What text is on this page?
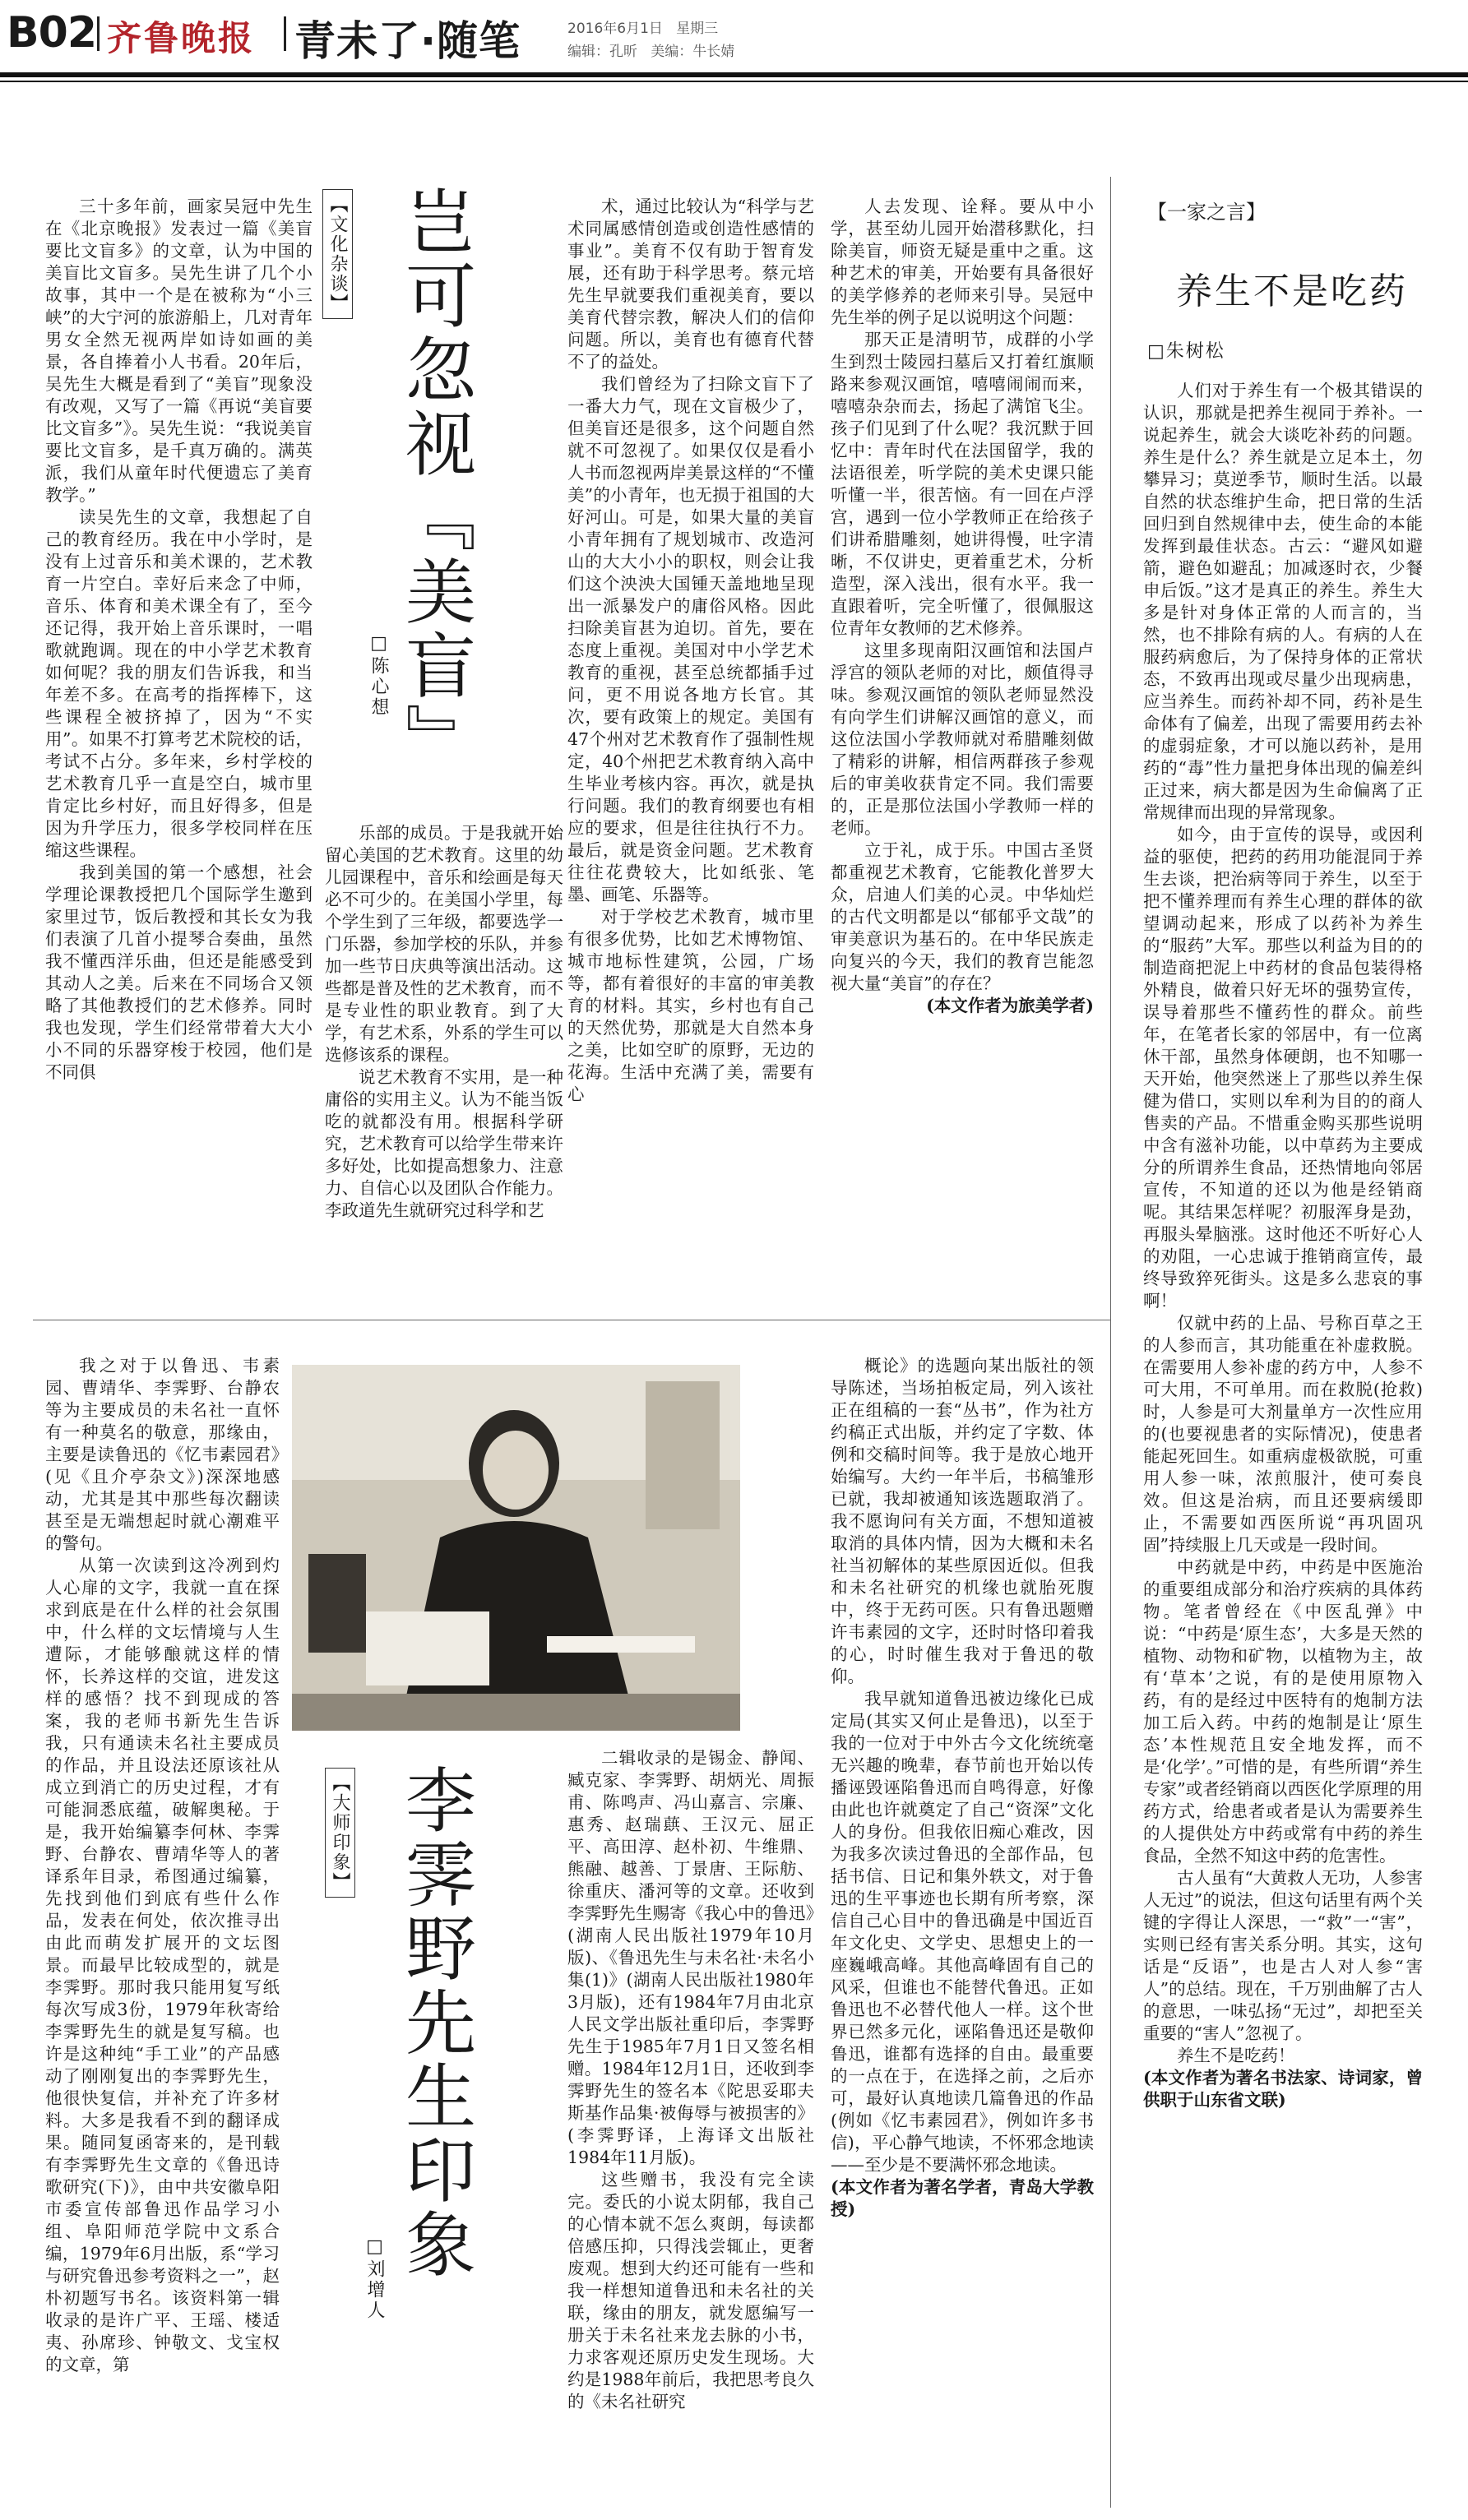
B02 齐鲁晚报 青未了·随笔	2016年6月1日 星期三
编辑：孔昕 美编：牛长婧
【文化杂谈】 岂可忽视『美盲』
□陈心想

三十多年前，画家吴冠中先生在《北京晚报》发表过一篇《美盲要比文盲多》的文章，认为中国的美盲比文盲多。吴先生讲了几个小故事，其中一个是在被称为“小三峡”的大宁河的旅游船上，几对青年男女全然无视两岸如诗如画的美景，各自捧着小人书看。20年后，吴先生大概是看到了“美盲”现象没有改观，又写了一篇《再说“美盲要比文盲多”》。吴先生说：“我说美盲要比文盲多，是千真万确的。满英派，我们从童年时代便遗忘了美育教学。”

读吴先生的文章，我想起了自己的教育经历。我在中小学时，是没有上过音乐和美术课的，艺术教育一片空白。幸好后来念了中师，音乐、体育和美术课全有了，至今还记得，我开始上音乐课时，一唱歌就跑调。现在的中小学艺术教育如何呢？我的朋友们告诉我，和当年差不多。在高考的指挥棒下，这些课程全被挤掉了，因为“不实用”。如果不打算考艺术院校的话，考试不占分。多年来，乡村学校的艺术教育几乎一直是空白，城市里肯定比乡村好，而且好得多，但是因为升学压力，很多学校同样在压缩这些课程。

我到美国的第一个感想，社会学理论课教授把几个国际学生邀到家里过节，饭后教授和其长女为我们表演了几首小提琴合奏曲，虽然我不懂西洋乐曲，但还是能感受到其动人之美。后来在不同场合又领略了其他教授们的艺术修养。同时我也发现，学生们经常带着大大小小不同的乐器穿梭于校园，他们是不同俱

乐部的成员。于是我就开始留心美国的艺术教育。这里的幼儿园课程中，音乐和绘画是每天必不可少的。在美国小学里，每个学生到了三年级，都要选学一门乐器，参加学校的乐队，并参加一些节日庆典等演出活动。这些都是普及性的艺术教育，而不是专业性的职业教育。到了大学，有艺术系，外系的学生可以选修该系的课程。

说艺术教育不实用，是一种庸俗的实用主义。认为不能当饭吃的就都没有用。根据科学研究，艺术教育可以给学生带来许多好处，比如提高想象力、注意力、自信心以及团队合作能力。李政道先生就研究过科学和艺

术，通过比较认为“科学与艺术同属感情创造或创造性感情的事业”。美育不仅有助于智育发展，还有助于科学思考。蔡元培先生早就要我们重视美育，要以美育代替宗教，解决人们的信仰问题。所以，美育也有德育代替不了的益处。

我们曾经为了扫除文盲下了一番大力气，现在文盲极少了，但美盲还是很多，这个问题自然就不可忽视了。如果仅仅是看小人书而忽视两岸美景这样的“不懂美”的小青年，也无损于祖国的大好河山。可是，如果大量的美盲小青年拥有了规划城市、改造河山的大大小小的职权，则会让我们这个泱泱大国锺天盖地地呈现出一派暴发户的庸俗风格。因此扫除美盲甚为迫切。首先，要在态度上重视。美国对中小学艺术教育的重视，甚至总统都插手过问，更不用说各地方长官。其次，要有政策上的规定。美国有47个州对艺术教育作了强制性规定，40个州把艺术教育纳入高中生毕业考核内容。再次，就是执行问题。我们的教育纲要也有相应的要求，但是往往执行不力。最后，就是资金问题。艺术教育往往花费较大，比如纸张、笔墨、画笔、乐器等。

对于学校艺术教育，城市里有很多优势，比如艺术博物馆、城市地标性建筑，公园，广场等，都有着很好的丰富的审美教育的材料。其实，乡村也有自己的天然优势，那就是大自然本身之美，比如空旷的原野，无边的花海。生活中充满了美，需要有心

人去发现、诠释。要从中小学，甚至幼儿园开始潜移默化，扫除美盲，师资无疑是重中之重。这种艺术的审美，开始要有具备很好的美学修养的老师来引导。吴冠中先生举的例子足以说明这个问题：

那天正是清明节，成群的小学生到烈士陵园扫墓后又打着红旗顺路来参观汉画馆，嘻嘻闹闹而来，嘻嘻杂杂而去，扬起了满馆飞尘。孩子们见到了什么呢？我沉默于回忆中：青年时代在法国留学，我的法语很差，听学院的美术史课只能听懂一半，很苦恼。有一回在卢浮宫，遇到一位小学教师正在给孩子们讲希腊雕刻，她讲得慢，吐字清晰，不仅讲史，更着重艺术，分析造型，深入浅出，很有水平。我一直跟着听，完全听懂了，很佩服这位青年女教师的艺术修养。

这里多现南阳汉画馆和法国卢浮宫的领队老师的对比，颇值得寻味。参观汉画馆的领队老师显然没有向学生们讲解汉画馆的意义，而这位法国小学教师就对希腊雕刻做了精彩的讲解，相信两群孩子参观后的审美收获肯定不同。我们需要的，正是那位法国小学教师一样的老师。

立于礼，成于乐。中国古圣贤都重视艺术教育，它能教化普罗大众，启迪人们美的心灵。中华灿烂的古代文明都是以“郁郁乎文哉”的审美意识为基石的。在中华民族走向复兴的今天，我们的教育岂能忽视大量“美盲”的存在？

(本文作者为旅美学者)

【一家之言】
养生不是吃药
□朱树松

人们对于养生有一个极其错误的认识，那就是把养生视同于养补。一说起养生，就会大谈吃补药的问题。养生是什么？养生就是立足本土，勿攀异习；莫逆季节，顺时生活。以最自然的状态维护生命，把日常的生活回归到自然规律中去，使生命的本能发挥到最佳状态。古云：“避风如避箭，避色如避乱；加减逐时衣，少餐申后饭。”这才是真正的养生。养生大多是针对身体正常的人而言的，当然，也不排除有病的人。有病的人在服药病愈后，为了保持身体的正常状态，不致再出现或尽量少出现病患，应当养生。而药补却不同，药补是生命体有了偏差，出现了需要用药去补的虚弱症象，才可以施以药补，是用药的“毒”性力量把身体出现的偏差纠正过来，病大都是因为生命偏离了正常规律而出现的异常现象。

如今，由于宣传的误导，或因利益的驱使，把药的药用功能混同于养生去谈，把治病等同于养生，以至于把不懂养理而有养生心理的群体的欲望调动起来，形成了以药补为养生的“服药”大军。那些以利益为目的的制造商把泥上中药材的食品包装得格外精良，做着只好无坏的强势宣传，误导着那些不懂药性的群众。前些年，在笔者长家的邻居中，有一位离休干部，虽然身体硬朗，也不知哪一天开始，他突然迷上了那些以养生保健为借口，实则以牟利为目的的商人售卖的产品。不惜重金购买那些说明中含有滋补功能，以中草药为主要成分的所谓养生食品，还热情地向邻居宣传，不知道的还以为他是经销商呢。其结果怎样呢？初服浑身是劲，再服头晕脑涨。这时他还不听好心人的劝阻，一心忠诚于推销商宣传，最终导致猝死街头。这是多么悲哀的事啊！

仅就中药的上品、号称百草之王的人参而言，其功能重在补虚救脱。在需要用人参补虚的药方中，人参不可大用，不可单用。而在救脱(抢救)时，人参是可大剂量单方一次性应用的(也要视患者的实际情况)，使患者能起死回生。如重病虚极欲脱，可重用人参一味，浓煎服汁，使可奏良效。但这是治病，而且还要病缓即止，不需要如西医所说“再巩固巩固”持续服上几天或是一段时间。

中药就是中药，中药是中医施治的重要组成部分和治疗疾病的具体药物。笔者曾经在《中医乱弹》中说：“中药是‘原生态’，大多是天然的植物、动物和矿物，以植物为主，故有‘草本’之说，有的是使用原物入药，有的是经过中医特有的炮制方法加工后入药。中药的炮制是让‘原生态’本性规范且安全地发挥，而不是‘化学’。”可惜的是，有些所谓“养生专家”或者经销商以西医化学原理的用药方式，给患者或者是认为需要养生的人提供处方中药或常有中药的养生食品，全然不知这中药的危害性。

古人虽有“大黄救人无功，人参害人无过”的说法，但这句话里有两个关键的字得让人深思，一“救”一“害”，实则已经有害关系分明。其实，这句话是“反语”，也是古人对人参“害人”的总结。现在，千万别曲解了古人的意思，一味弘扬“无过”，却把至关重要的“害人”忽视了。

养生不是吃药！

(本文作者为著名书法家、诗词家，曾供职于山东省文联)

【大师印象】 李霁野先生印象
□刘增人

我之对于以鲁迅、韦素园、曹靖华、李霁野、台静农等为主要成员的未名社一直怀有一种莫名的敬意，那缘由，主要是读鲁迅的《忆韦素园君》(见《且介亭杂文》)深深地感动，尤其是其中那些每次翻读甚至是无端想起时就心潮难平的警句。

从第一次读到这冷冽到灼人心扉的文字，我就一直在探求到底是在什么样的社会氛围中，什么样的文坛情境与人生遭际，才能够酿就这样的情怀，长养这样的交谊，进发这样的感悟？找不到现成的答案，我的老师书新先生告诉我，只有通读未名社主要成员的作品，并且设法还原该社从成立到消亡的历史过程，才有可能洞悉底蕴，破解奥秘。于是，我开始编纂李何林、李霁野、台静农、曹靖华等人的著译系年目录，希图通过编纂，先找到他们到底有些什么作品，发表在何处，依次推寻出由此而萌发扩展开的文坛图景。而最早比较成型的，就是李霁野。那时我只能用复写纸每次写成3份，1979年秋寄给李霁野先生的就是复写稿。也许是这种纯“手工业”的产品感动了刚刚复出的李霁野先生，他很快复信，并补充了许多材料。大多是我看不到的翻译成果。随同复函寄来的，是刊载有李霁野先生文章的《鲁迅诗歌研究(下)》，由中共安徽阜阳市委宣传部鲁迅作品学习小组、阜阳师范学院中文系合编，1979年6月出版，系“学习与研究鲁迅参考资料之一”，赵朴初题写书名。该资料第一辑收录的是许广平、王瑶、楼适夷、孙席珍、钟敬文、戈宝权的文章，第

二辑收录的是锡金、静闻、臧克家、李霁野、胡炳光、周振甫、陈鸣声、冯山嘉言、宗廉、惠秀、赵瑞蕻、王汉元、屈正平、高田淳、赵朴初、牛维鼎、熊融、越善、丁景唐、王际舫、徐重庆、潘河等的文章。还收到李霁野先生赐寄《我心中的鲁迅》(湖南人民出版社1979年10月版)、《鲁迅先生与未名社·未名小集(1)》(湖南人民出版社1980年3月版)，还有1984年7月由北京人民文学出版社重印后，李霁野先生于1985年7月1日又签名相赠。1984年12月1日，还收到李霁野先生的签名本《陀思妥耶夫斯基作品集·被侮辱与被损害的》(李霁野译，上海译文出版社1984年11月版)。

这些赠书，我没有完全读完。委氏的小说太阴郁，我自己的心情本就不怎么爽朗，每读都倍感压抑，只得浅尝辄止，更奢废观。想到大约还可能有一些和我一样想知道鲁迅和未名社的关联，缘由的朋友，就发愿编写一册关于未名社来龙去脉的小书，力求客观还原历史发生现场。大约是1988年前后，我把思考良久的《未名社研究

概论》的选题向某出版社的领导陈述，当场拍板定局，列入该社正在组稿的一套“丛书”，作为社方约稿正式出版，并约定了字数、体例和交稿时间等。我于是放心地开始编写。大约一年半后，书稿雏形已就，我却被通知该选题取消了。我不愿询问有关方面，不想知道被取消的具体内情，因为大概和未名社当初解体的某些原因近似。但我和未名社研究的机缘也就胎死腹中，终于无药可医。只有鲁迅题赠许韦素园的文字，还时时恪印着我的心，时时催生我对于鲁迅的敬仰。

我早就知道鲁迅被边缘化已成定局(其实又何止是鲁迅)，以至于我的一位对于中外古今文化统统毫无兴趣的晚辈，春节前也开始以传播诬毁诬陷鲁迅而自鸣得意，好像由此也许就奠定了自己“资深”文化人的身份。但我依旧痴心难改，因为我多次读过鲁迅的全部作品，包括书信、日记和集外轶文，对于鲁迅的生平事迹也长期有所考察，深信自己心目中的鲁迅确是中国近百年文化史、文学史、思想史上的一座巍峨高峰。其他高峰固有自己的风采，但谁也不能替代鲁迅。正如鲁迅也不必替代他人一样。这个世界已然多元化，诬陷鲁迅还是敬仰鲁迅，谁都有选择的自由。最重要的一点在于，在选择之前，之后亦可，最好认真地读几篇鲁迅的作品(例如《忆韦素园君》，例如许多书信)，平心静气地读，不怀邪念地读——至少是不要满怀邪念地读。

(本文作者为著名学者，青岛大学教授)
